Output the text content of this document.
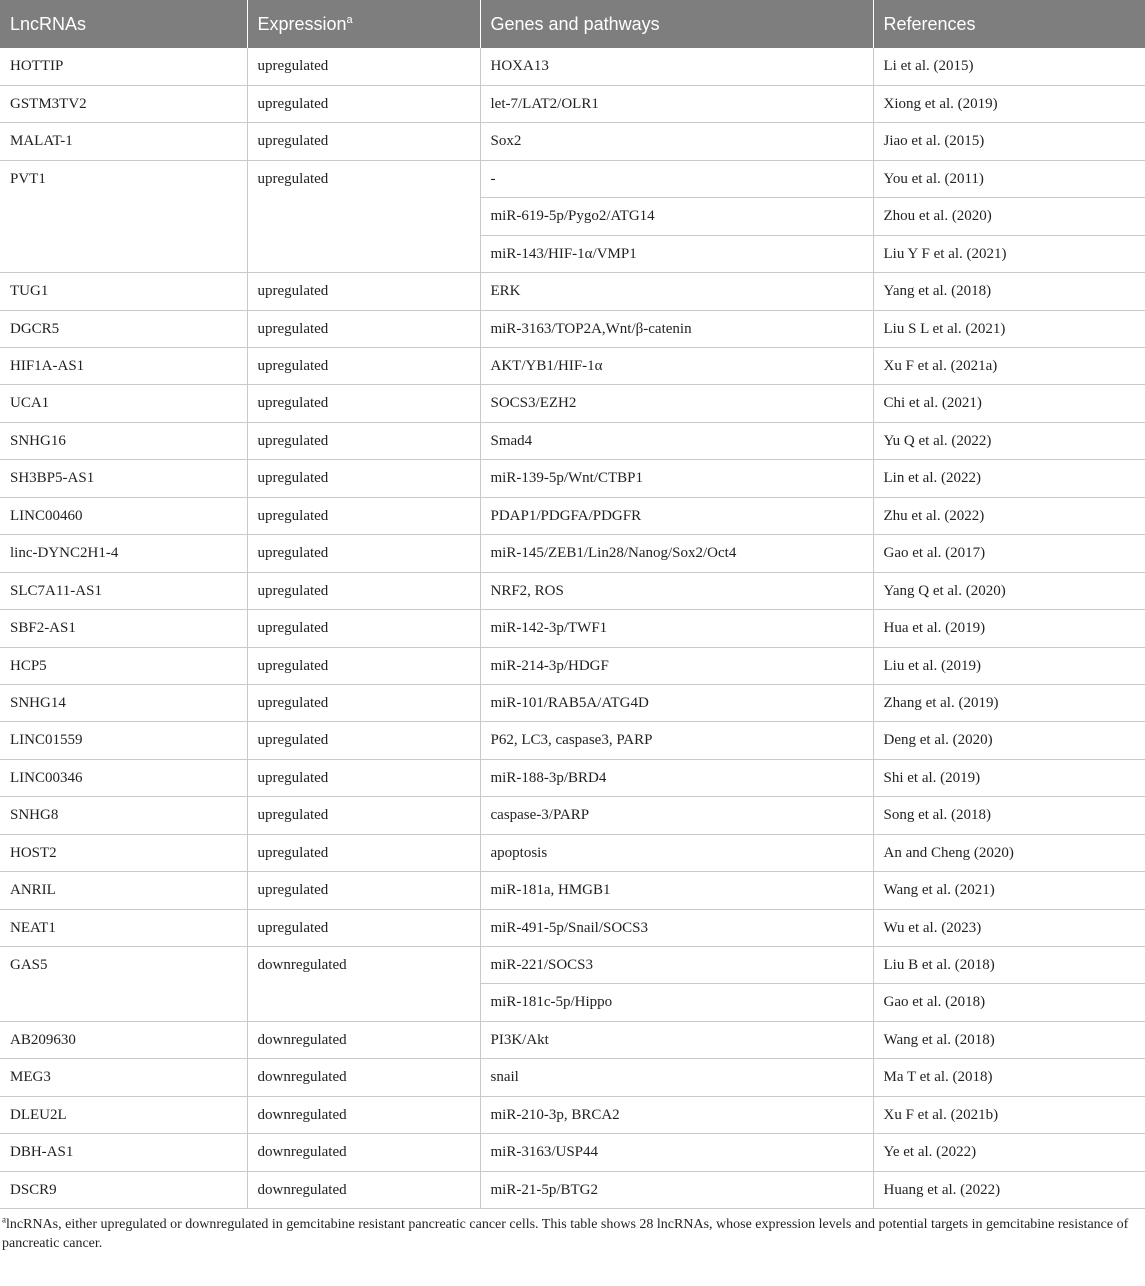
LncRNAs	Expression$^a$	Genes and pathways	References
HOTTIP	upregulated	HOXA13	Li et al. (2015)
GSTM3TV2	upregulated	let-7/LAT2/OLR1	Xiong et al. (2019)
MALAT-1	upregulated	Sox2	Jiao et al. (2015)
PVT1	upregulated	-	You et al. (2011)
		miR-619-5p/Pygo2/ATG14	Zhou et al. (2020)
		miR-143/HIF-1α/VMP1	Liu Y F et al. (2021)
TUG1	upregulated	ERK	Yang et al. (2018)
DGCR5	upregulated	miR-3163/TOP2A,Wnt/β-catenin	Liu S L et al. (2021)
HIF1A-AS1	upregulated	AKT/YB1/HIF-1α	Xu F et al. (2021a)
UCA1	upregulated	SOCS3/EZH2	Chi et al. (2021)
SNHG16	upregulated	Smad4	Yu Q et al. (2022)
SH3BP5-AS1	upregulated	miR-139-5p/Wnt/CTBP1	Lin et al. (2022)
LINC00460	upregulated	PDAP1/PDGFA/PDGFR	Zhu et al. (2022)
linc-DYNC2H1-4	upregulated	miR-145/ZEB1/Lin28/Nanog/Sox2/Oct4	Gao et al. (2017)
SLC7A11-AS1	upregulated	NRF2, ROS	Yang Q et al. (2020)
SBF2-AS1	upregulated	miR-142-3p/TWF1	Hua et al. (2019)
HCP5	upregulated	miR-214-3p/HDGF	Liu et al. (2019)
SNHG14	upregulated	miR-101/RAB5A/ATG4D	Zhang et al. (2019)
LINC01559	upregulated	P62, LC3, caspase3, PARP	Deng et al. (2020)
LINC00346	upregulated	miR-188-3p/BRD4	Shi et al. (2019)
SNHG8	upregulated	caspase-3/PARP	Song et al. (2018)
HOST2	upregulated	apoptosis	An and Cheng (2020)
ANRIL	upregulated	miR-181a, HMGB1	Wang et al. (2021)
NEAT1	upregulated	miR-491-5p/Snail/SOCS3	Wu et al. (2023)
GAS5	downregulated	miR-221/SOCS3	Liu B et al. (2018)
		miR-181c-5p/Hippo	Gao et al. (2018)
AB209630	downregulated	PI3K/Akt	Wang et al. (2018)
MEG3	downregulated	snail	Ma T et al. (2018)
DLEU2L	downregulated	miR-210-3p, BRCA2	Xu F et al. (2021b)
DBH-AS1	downregulated	miR-3163/USP44	Ye et al. (2022)
DSCR9	downregulated	miR-21-5p/BTG2	Huang et al. (2022)

$^a$lncRNAs, either upregulated or downregulated in gemcitabine resistant pancreatic cancer cells. This table shows 28 lncRNAs, whose expression levels and potential targets in gemcitabine resistance of pancreatic cancer.
